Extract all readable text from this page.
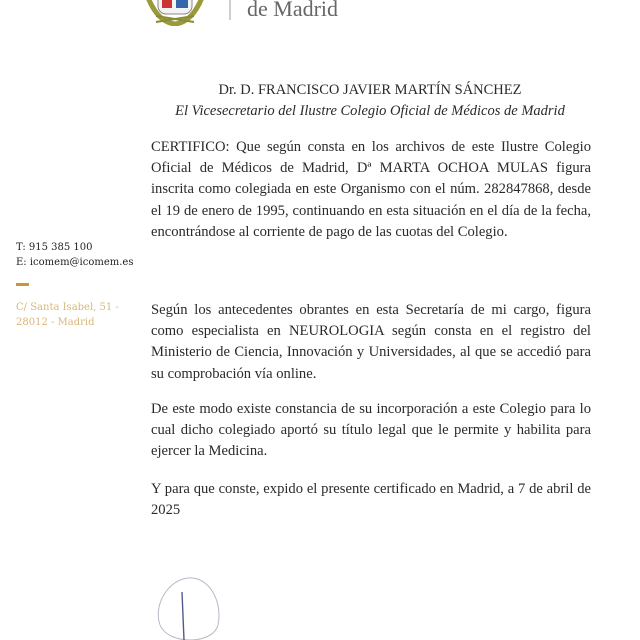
de Madrid
T: 915 385 100
E: icomem@icomem.es
C/ Santa Isabel, 51 -
28012 - Madrid
Dr. D. FRANCISCO JAVIER MARTÍN SÁNCHEZ
El Vicesecretario del Ilustre Colegio Oficial de Médicos de Madrid
CERTIFICO: Que según consta en los archivos de este Ilustre Colegio Oficial de Médicos de Madrid, Dª MARTA OCHOA MULAS figura inscrita como colegiada en este Organismo con el núm. 282847868, desde el 19 de enero de 1995, continuando en esta situación en el día de la fecha, encontrándose al corriente de pago de las cuotas del Colegio.
Según los antecedentes obrantes en esta Secretaría de mi cargo, figura como especialista en NEUROLOGIA según consta en el registro del Ministerio de Ciencia, Innovación y Universidades, al que se accedió para su comprobación vía online.
De este modo existe constancia de su incorporación a este Colegio para lo cual dicho colegiado aportó su título legal que le permite y habilita para ejercer la Medicina.
Y para que conste, expido el presente certificado en Madrid, a 7 de abril de 2025
